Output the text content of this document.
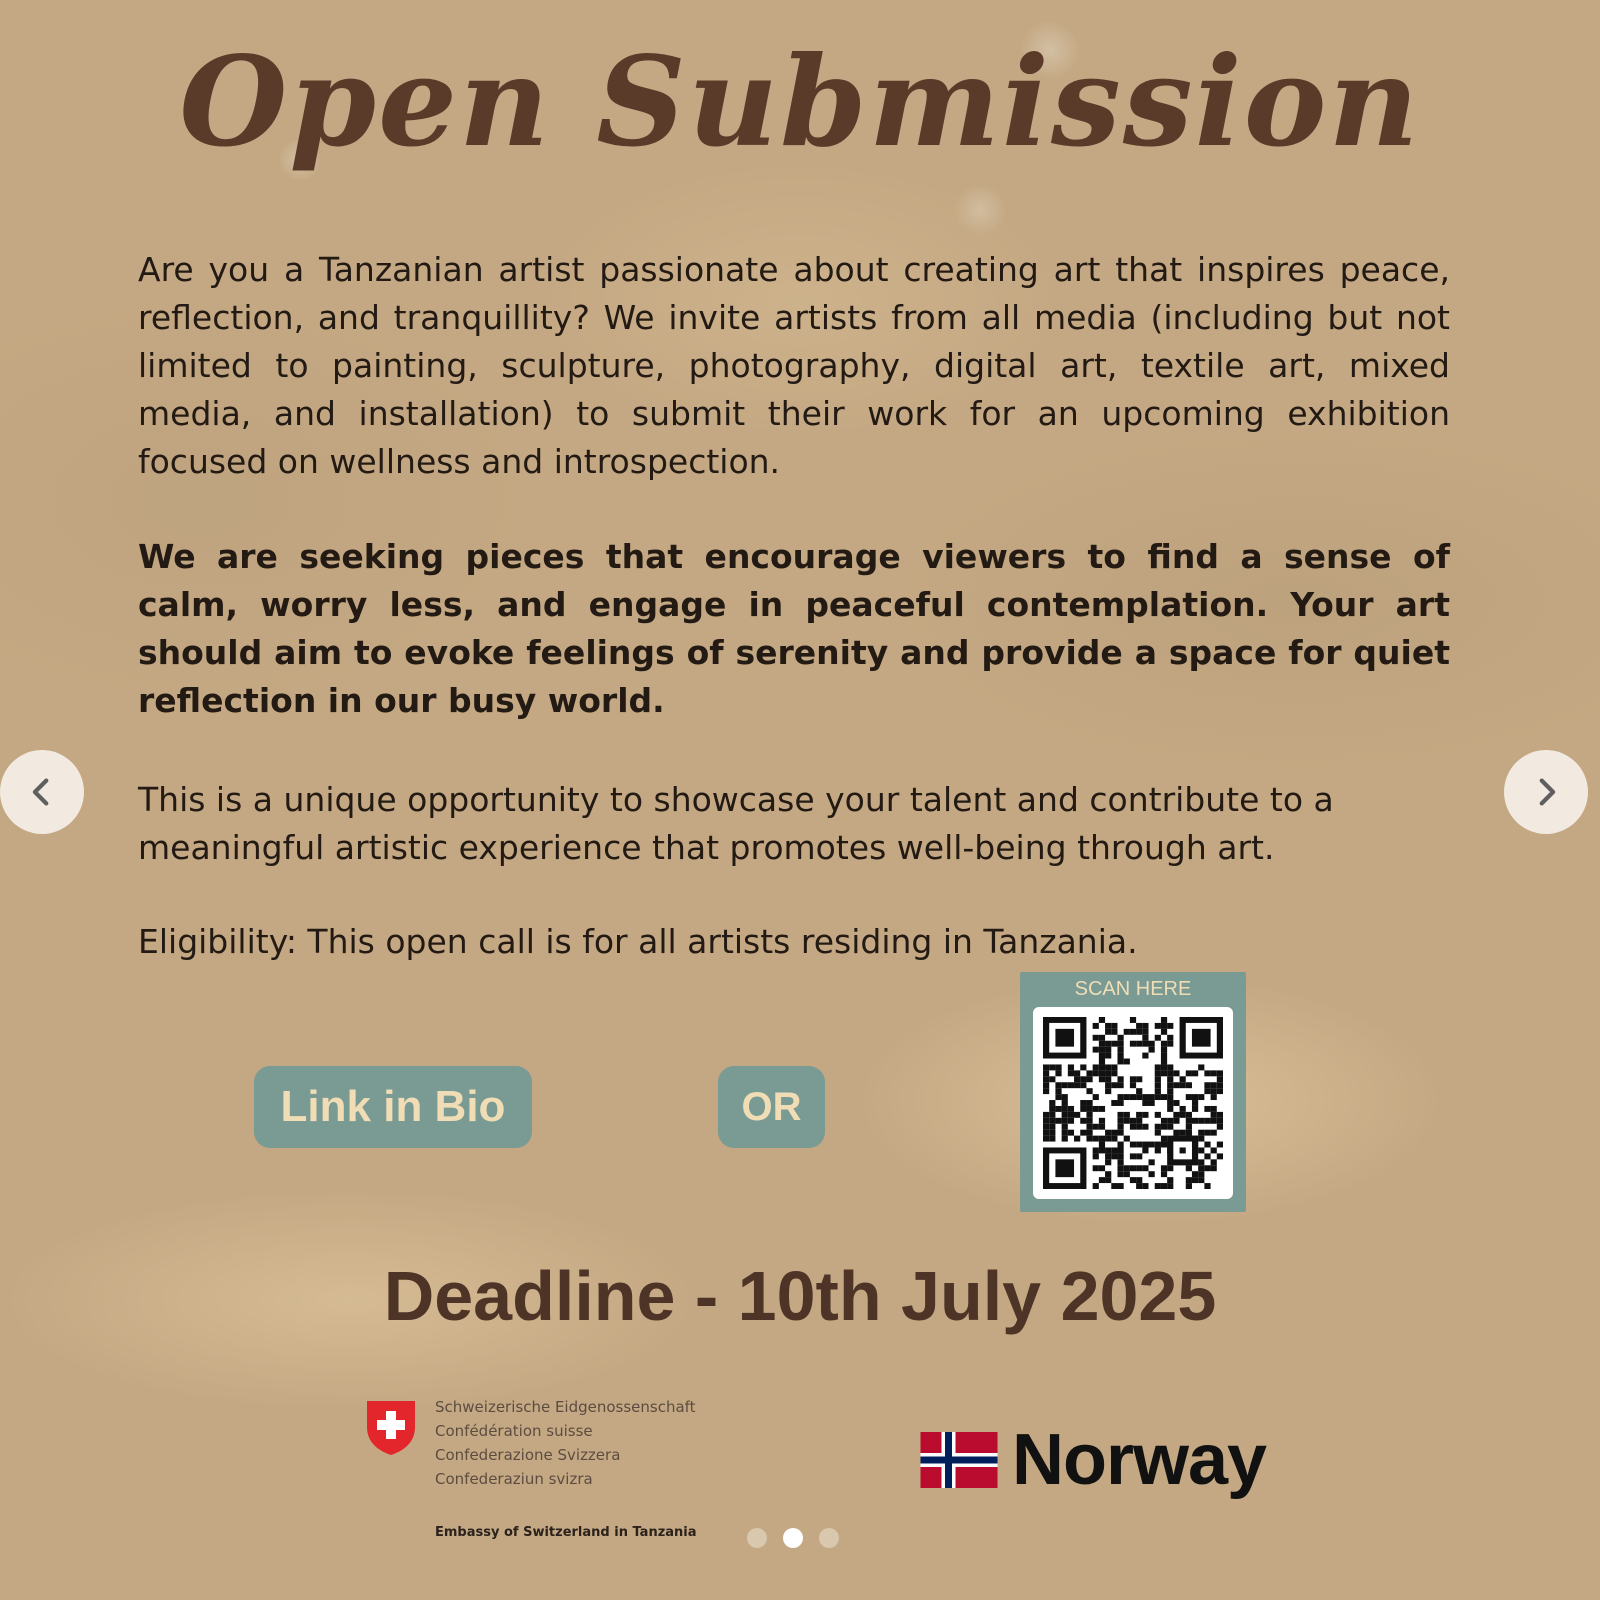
Open Submission

Are you a Tanzanian artist passionate about creating art that inspires peace, reflection, and tranquillity? We invite artists from all media (including but not limited to painting, sculpture, photography, digital art, textile art, mixed media, and installation) to submit their work for an upcoming exhibition focused on wellness and introspection.

We are seeking pieces that encourage viewers to find a sense of calm, worry less, and engage in peaceful contemplation. Your art should aim to evoke feelings of serenity and provide a space for quiet reflection in our busy world.

This is a unique opportunity to showcase your talent and contribute to a meaningful artistic experience that promotes well-being through art.

Eligibility: This open call is for all artists residing in Tanzania.

Link in Bio	OR
SCAN HERE
Deadline - 10th July 2025
Schweizerische Eidgenossenschaft
Confédération suisse
Confederazione Svizzera
Confederaziun svizra
Embassy of Switzerland in Tanzania
Norway
